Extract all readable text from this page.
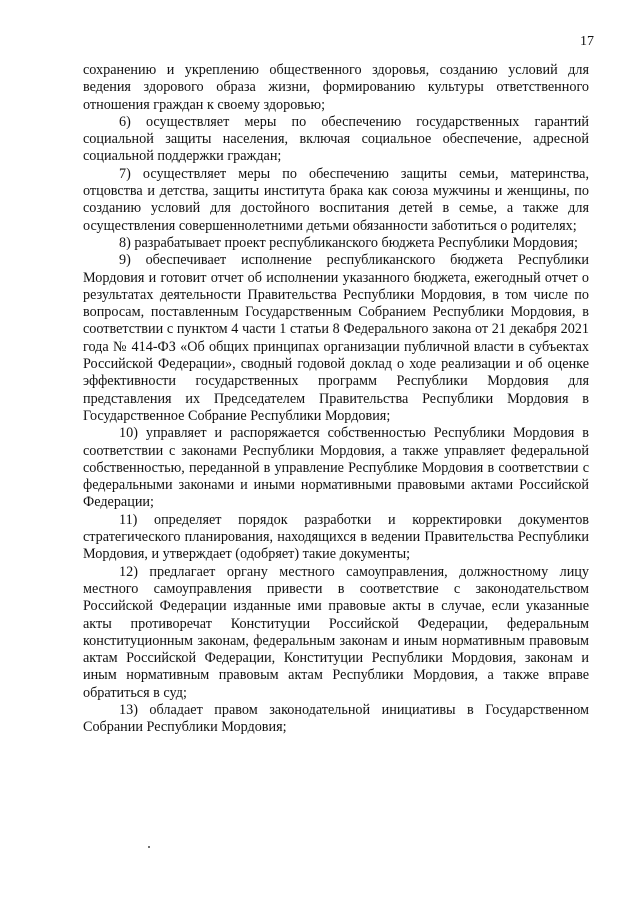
17

сохранению и укреплению общественного здоровья, созданию условий для ведения здорового образа жизни, формированию культуры ответственного отношения граждан к своему здоровью;

6) осуществляет меры по обеспечению государственных гарантий социальной защиты населения, включая социальное обеспечение, адресной социальной поддержки граждан;

7) осуществляет меры по обеспечению защиты семьи, материнства, отцовства и детства, защиты института брака как союза мужчины и женщины, по созданию условий для достойного воспитания детей в семье, а также для осуществления совершеннолетними детьми обязанности заботиться о родителях;

8) разрабатывает проект республиканского бюджета Республики Мордовия;

9) обеспечивает исполнение республиканского бюджета Республики Мордовия и готовит отчет об исполнении указанного бюджета, ежегодный отчет о результатах деятельности Правительства Республики Мордовия, в том числе по вопросам, поставленным Государственным Собранием Республики Мордовия, в соответствии с пунктом 4 части 1 статьи 8 Федерального закона от 21 декабря 2021 года № 414-ФЗ «Об общих принципах организации публичной власти в субъектах Российской Федерации», сводный годовой доклад о ходе реализации и об оценке эффективности государственных программ Республики Мордовия для представления их Председателем Правительства Республики Мордовия в Государственное Собрание Республики Мордовия;

10) управляет и распоряжается собственностью Республики Мордовия в соответствии с законами Республики Мордовия, а также управляет федеральной собственностью, переданной в управление Республике Мордовия в соответствии с федеральными законами и иными нормативными правовыми актами Российской Федерации;

11) определяет порядок разработки и корректировки документов стратегического планирования, находящихся в ведении Правительства Республики Мордовия, и утверждает (одобряет) такие документы;

12) предлагает органу местного самоуправления, должностному лицу местного самоуправления привести в соответствие с законодательством Российской Федерации изданные ими правовые акты в случае, если указанные акты противоречат Конституции Российской Федерации, федеральным конституционным законам, федеральным законам и иным нормативным правовым актам Российской Федерации, Конституции Республики Мордовия, законам и иным нормативным правовым актам Республики Мордовия, а также вправе обратиться в суд;

13) обладает правом законодательной инициативы в Государственном Собрании Республики Мордовия;
